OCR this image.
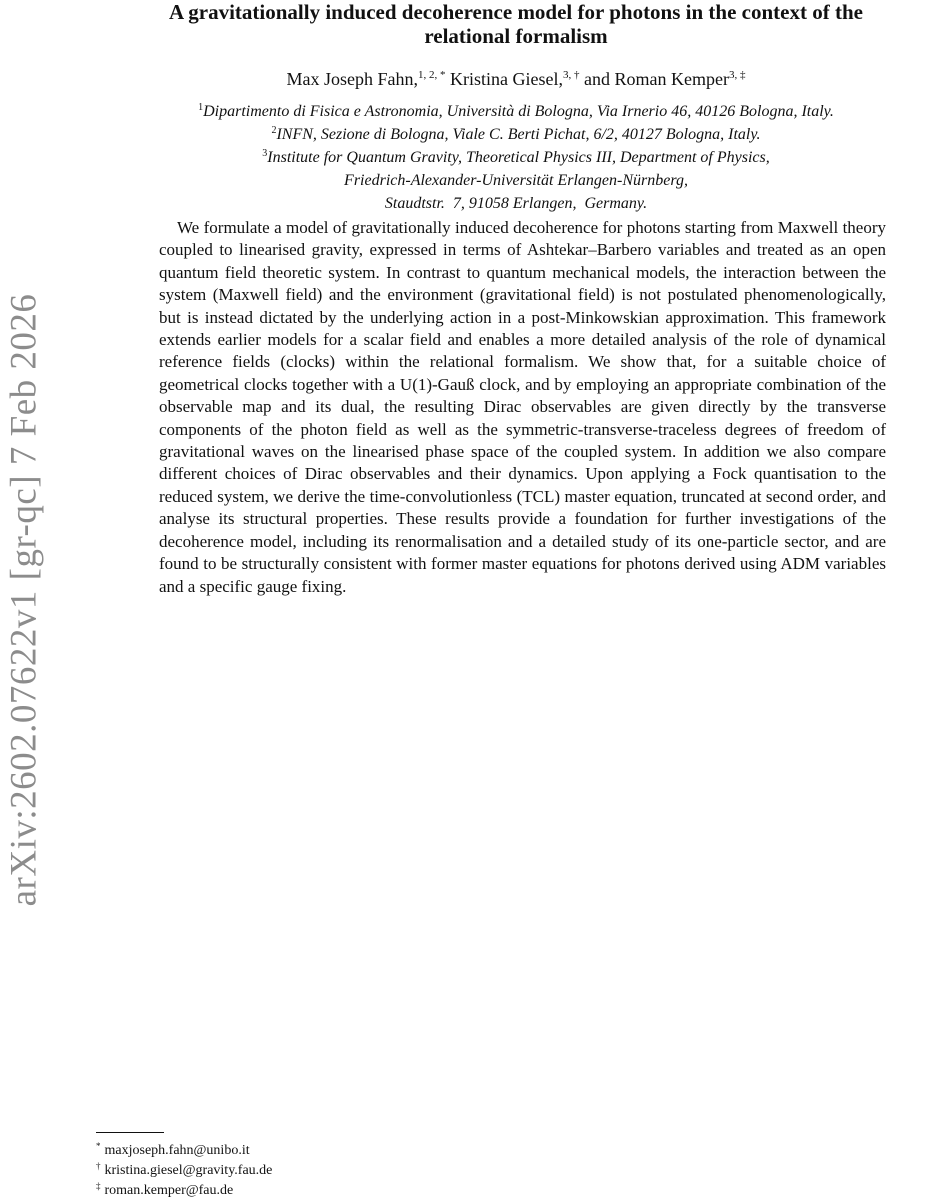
arXiv:2602.07622v1 [gr-qc] 7 Feb 2026
A gravitationally induced decoherence model for photons in the context of the
relational formalism
Max Joseph Fahn,$^{1, 2, *}$ Kristina Giesel,$^{3, \dagger}$ and Roman Kemper$^{3, \ddagger}$
$^1$Dipartimento di Fisica e Astronomia, Università di Bologna, Via Irnerio 46, 40126 Bologna, Italy.
$^2$INFN, Sezione di Bologna, Viale C. Berti Pichat, 6/2, 40127 Bologna, Italy.
$^3$Institute for Quantum Gravity, Theoretical Physics III, Department of Physics,
Friedrich-Alexander-Universität Erlangen-Nürnberg,
Staudtstr.  7, 91058 Erlangen,  Germany.

We formulate a model of gravitationally induced decoherence for photons starting from Maxwell theory coupled to linearised gravity, expressed in terms of Ashtekar–Barbero variables and treated as an open quantum field theoretic system. In contrast to quantum mechanical models, the interaction between the system (Maxwell field) and the environment (gravitational field) is not postulated phenomenologically, but is instead dictated by the underlying action in a post-Minkowskian approximation. This framework extends earlier models for a scalar field and enables a more detailed analysis of the role of dynamical reference fields (clocks) within the relational formalism. We show that, for a suitable choice of geometrical clocks together with a U(1)-Gauß clock, and by employing an appropriate combination of the observable map and its dual, the resulting Dirac observables are given directly by the transverse components of the photon field as well as the symmetric-transverse-traceless degrees of freedom of gravitational waves on the linearised phase space of the coupled system. In addition we also compare different choices of Dirac observables and their dynamics. Upon applying a Fock quantisation to the reduced system, we derive the time-convolutionless (TCL) master equation, truncated at second order, and analyse its structural properties. These results provide a foundation for further investigations of the decoherence model, including its renormalisation and a detailed study of its one-particle sector, and are found to be structurally consistent with former master equations for photons derived using ADM variables and a specific gauge fixing.

* maxjoseph.fahn@unibo.it
† kristina.giesel@gravity.fau.de
‡ roman.kemper@fau.de
